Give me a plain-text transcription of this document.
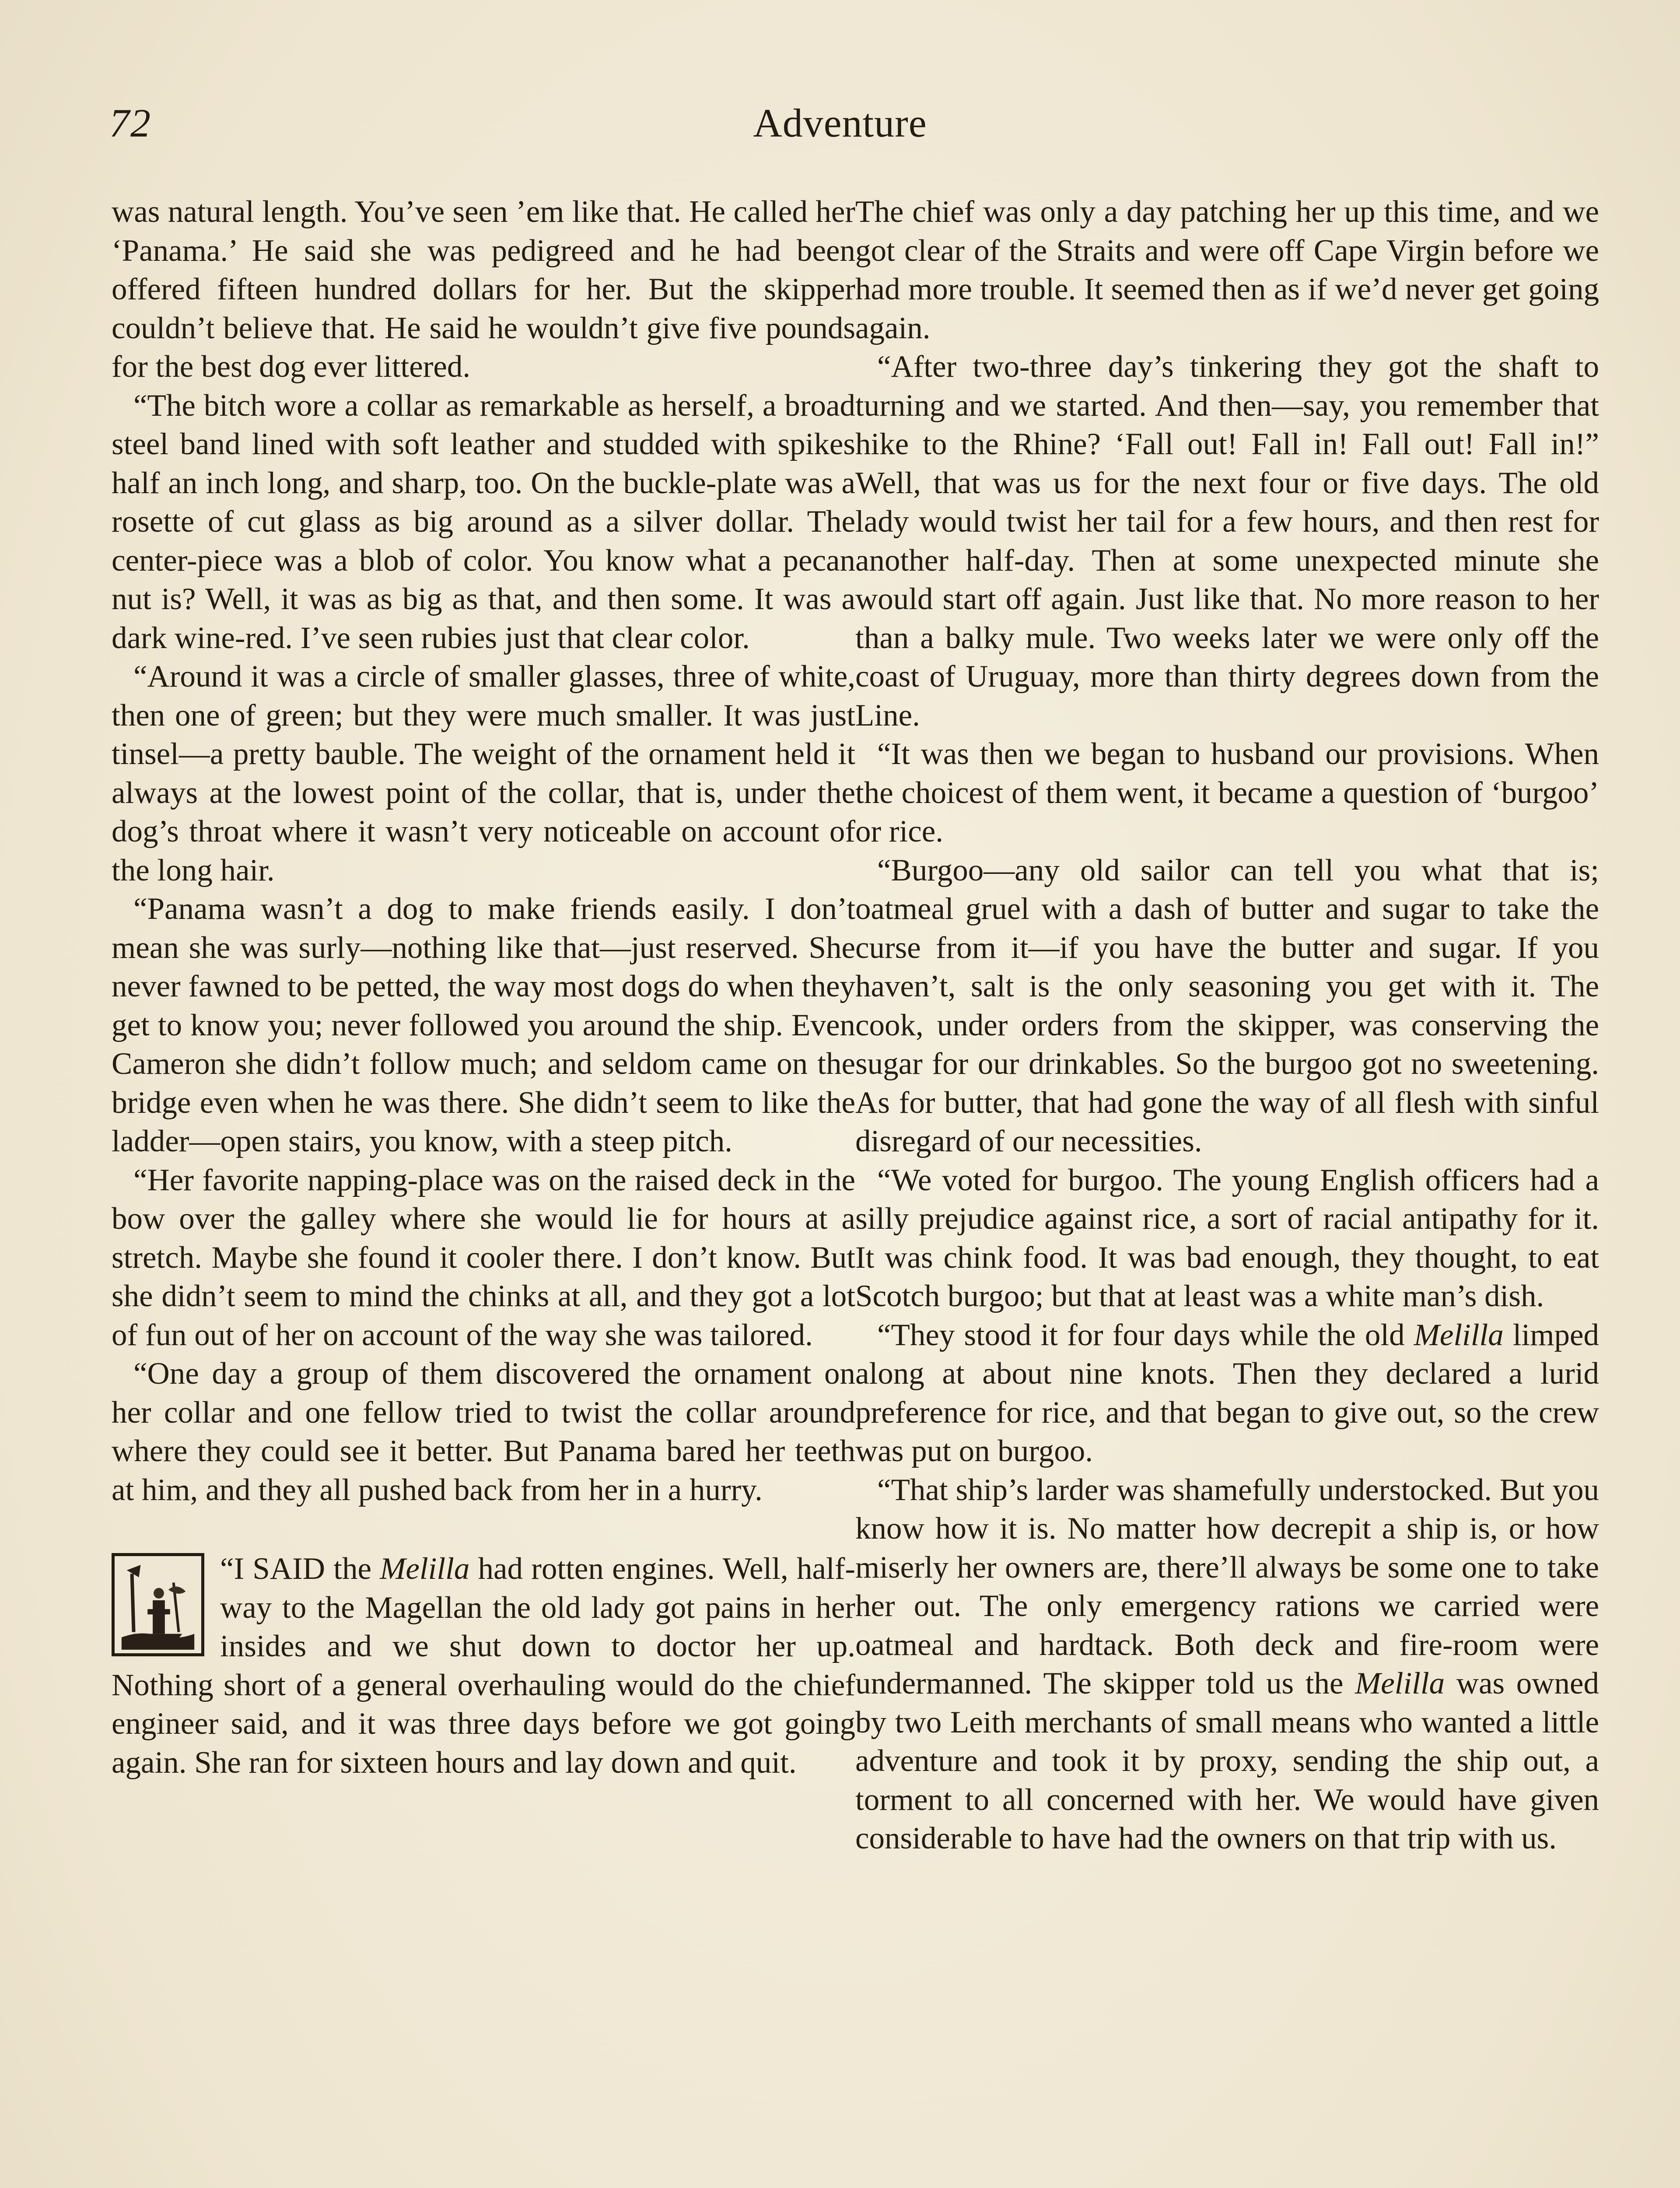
72	Adventure

was natural length. You’ve seen ’em like that. He called her ‘Panama.’ He said she was pedigreed and he had been offered fifteen hundred dollars for her. But the skipper couldn’t believe that. He said he wouldn’t give five pounds for the best dog ever littered.

“The bitch wore a collar as remarkable as herself, a broad steel band lined with soft leather and studded with spikes half an inch long, and sharp, too. On the buckle-plate was a rosette of cut glass as big around as a silver dollar. The center-piece was a blob of color. You know what a pecan nut is? Well, it was as big as that, and then some. It was a dark wine-red. I’ve seen rubies just that clear color.

“Around it was a circle of smaller glasses, three of white, then one of green; but they were much smaller. It was just tinsel—a pretty bauble. The weight of the ornament held it always at the lowest point of the collar, that is, under the dog’s throat where it wasn’t very noticeable on account of the long hair.

“Panama wasn’t a dog to make friends easily. I don’t mean she was surly—nothing like that—just reserved. She never fawned to be petted, the way most dogs do when they get to know you; never followed you around the ship. Even Cameron she didn’t follow much; and seldom came on the bridge even when he was there. She didn’t seem to like the ladder—open stairs, you know, with a steep pitch.

“Her favorite napping-place was on the raised deck in the bow over the galley where she would lie for hours at a stretch. Maybe she found it cooler there. I don’t know. But she didn’t seem to mind the chinks at all, and they got a lot of fun out of her on account of the way she was tailored.

“One day a group of them discovered the ornament on her collar and one fellow tried to twist the collar around where they could see it better. But Panama bared her teeth at him, and they all pushed back from her in a hurry.

“I SAID the Melilla had rotten engines. Well, half-way to the Magellan the old lady got pains in her insides and we shut down to doctor her up. Nothing short of a general overhauling would do the chief engineer said, and it was three days before we got going again. She ran for sixteen hours and lay down and quit.

The chief was only a day patching her up this time, and we got clear of the Straits and were off Cape Virgin before we had more trouble. It seemed then as if we’d never get going again.

“After two-three day’s tinkering they got the shaft to turning and we started. And then—say, you remember that hike to the Rhine? ‘Fall out! Fall in! Fall out! Fall in!” Well, that was us for the next four or five days. The old lady would twist her tail for a few hours, and then rest for another half-day. Then at some unexpected minute she would start off again. Just like that. No more reason to her than a balky mule. Two weeks later we were only off the coast of Uruguay, more than thirty degrees down from the Line.

“It was then we began to husband our provisions. When the choicest of them went, it became a question of ‘burgoo’ or rice.

“Burgoo—any old sailor can tell you what that is; oatmeal gruel with a dash of butter and sugar to take the curse from it—if you have the butter and sugar. If you haven’t, salt is the only seasoning you get with it. The cook, under orders from the skipper, was conserving the sugar for our drinkables. So the burgoo got no sweetening. As for butter, that had gone the way of all flesh with sinful disregard of our necessities.

“We voted for burgoo. The young English officers had a silly prejudice against rice, a sort of racial antipathy for it. It was chink food. It was bad enough, they thought, to eat Scotch burgoo; but that at least was a white man’s dish.

“They stood it for four days while the old Melilla limped along at about nine knots. Then they declared a lurid preference for rice, and that began to give out, so the crew was put on burgoo.

“That ship’s larder was shamefully understocked. But you know how it is. No matter how decrepit a ship is, or how miserly her owners are, there’ll always be some one to take her out. The only emergency rations we carried were oatmeal and hardtack. Both deck and fire-room were undermanned. The skipper told us the Melilla was owned by two Leith merchants of small means who wanted a little adventure and took it by proxy, sending the ship out, a torment to all concerned with her. We would have given considerable to have had the owners on that trip with us.
